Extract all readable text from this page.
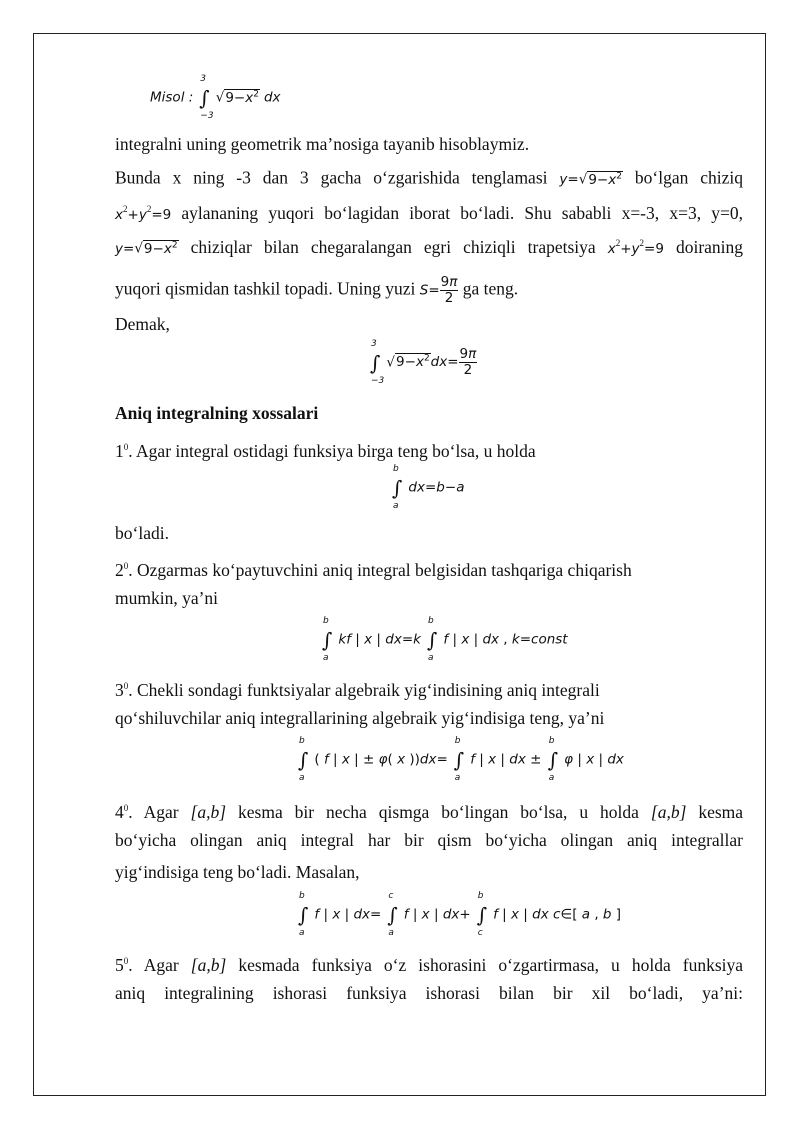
Misol : ∫
3
−3
$√9-x^2$ dx
integralni uning geometrik ma’nosiga tayanib hisoblaymiz.
Bunda x ning -3 dan 3 gacha o‘zgarishida tenglamasi $y=√9-x^2$ bo‘lgan chiziq
$x^2+y^2=9$ aylananing yuqori bo‘lagidan iborat bo‘ladi. Shu sababli x=-3, x=3, y=0,
$y=√9-x^2$ chiziqlar bilan chegaralangan egri chiziqli trapetsiya $x^2+y^2=9$ doiraning
yuqori qismidan tashkil topadi. Uning yuzi $S= \frac{9\pi}{2}$ ga teng.
Demak,
∫
3
−3
$√9-x^2dx= \frac{9\pi}{2}$
Aniq integralning xossalari
$1^0$. Agar integral ostidagi funksiya birga teng bo‘lsa, u holda
∫
b
a
dx=b−a
bo‘ladi.
$2^0$. Ozgarmas ko‘paytuvchini aniq integral belgisidan tashqariga chiqarish
mumkin, ya’ni
∫
b
a
kf | x | dx=k ∫
b
a
f | x | dx , k=const
$3^0$. Chekli sondagi funktsiyalar algebraik yig‘indisining aniq integrali
qo‘shiluvchilar aniq integrallarining algebraik yig‘indisiga teng, ya’ni
∫
b
a
( f | x | ± φ( x ))dx= ∫
b
a
f | x | dx ± ∫
b
a
φ | x | dx
$4^0$. Agar [a,b] kesma bir necha qismga bo‘lingan bo‘lsa, u holda [a,b] kesma
bo‘yicha olingan aniq integral har bir qism bo‘yicha olingan aniq integrallar
yig‘indisiga teng bo‘ladi. Masalan,
∫
b
a
f | x | dx= ∫
c
a
f | x | dx+ ∫
b
c
f | x | dx c∈[ a , b ]
$5^0$. Agar [a,b] kesmada funksiya o‘z ishorasini o‘zgartirmasa, u holda funksiya
aniq integralining ishorasi funksiya ishorasi bilan bir xil bo‘ladi, ya’ni:
